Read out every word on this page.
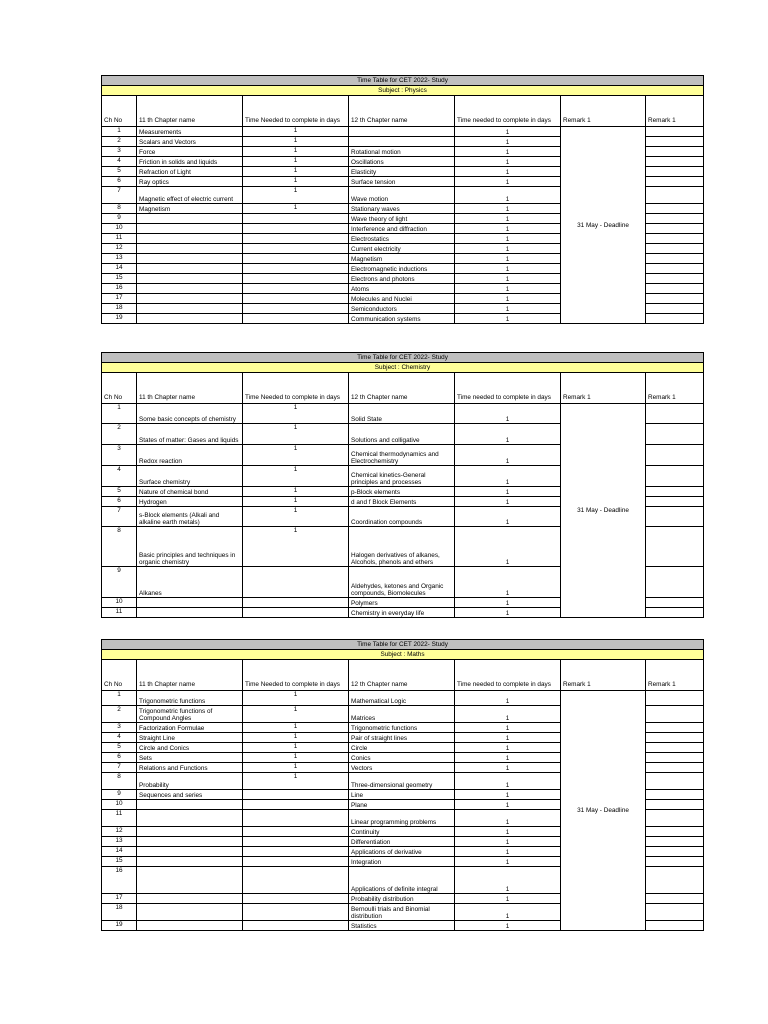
Time Table for CET 2022- Study						
Subject : Physics						
Ch No	11 th Chapter name	Time Needed to complete in days	12 th Chapter name	Time needed to complete in days	Remark 1	Remark 1
1	Measurements	1		1	31 May - Deadline	
2	Scalars and Vectors	1		1		
3	Force	1	Rotational motion	1		
4	Friction in solids and liquids	1	Oscillations	1		
5	Refraction of Light	1	Elasticity	1		
6	Ray optics	1	Surface tension	1		
7	Magnetic effect of electric current	1	Wave motion	1		
8	Magnetism	1	Stationary waves	1		
9			Wave theory of light	1		
10			Interference and diffraction	1		
11			Electrostatics	1		
12			Current electricity	1		
13			Magnetism	1		
14			Electromagnetic inductions	1		
15			Electrons and photons	1		
16			Atoms	1		
17			Molecules and Nuclei	1		
18			Semiconductors	1		
19			Communication systems	1		
Time Table for CET 2022- Study						
Subject : Chemistry						
Ch No	11 th Chapter name	Time Needed to complete in days	12 th Chapter name	Time needed to complete in days	Remark 1	Remark 1
1	Some basic concepts of chemistry	1	Solid State	1	31 May - Deadline	
2	States of matter: Gases and liquids	1	Solutions and colligative	1		
3	Redox reaction	1	Chemical thermodynamics and Electrochemistry	1		
4	Surface chemistry	1	Chemical kinetics-General principles and processes	1		
5	Nature of chemical bond	1	p-Block elements	1		
6	Hydrogen	1	d and f Block Elements	1		
7	s-Block elements (Alkali and alkaline earth metals)	1	Coordination compounds	1		
8	Basic principles and techniques in organic chemistry	1	Halogen derivatives of alkanes, Alcohols, phenols and ethers	1		
9	Alkanes		Aldehydes, ketones and Organic compounds, Biomolecules	1		
10			Polymers	1		
11			Chemistry in everyday life	1		
Time Table for CET 2022- Study						
Subject : Maths						
Ch No	11 th Chapter name	Time Needed to complete in days	12 th Chapter name	Time needed to complete in days	Remark 1	Remark 1
1	Trigonometric functions	1	Mathematical Logic	1	31 May - Deadline	
2	Trigonometric functions of Compound Angles	1	Matrices	1		
3	Factorization Formulae	1	Trigonometric functions	1		
4	Straight Line	1	Pair of straight lines	1		
5	Circle and Conics	1	Circle	1		
6	Sets	1	Conics	1		
7	Relations and Functions	1	Vectors	1		
8	Probability	1	Three-dimensional geometry	1		
9	Sequences and series		Line	1		
10			Plane	1		
11			Linear programming problems	1		
12			Continuity	1		
13			Differentiation	1		
14			Applications of derivative	1		
15			Integration	1		
16			Applications of definite integral	1		
17			Probability distribution	1		
18			Bernoulli trials and Binomial distribution	1		
19			Statistics	1		
